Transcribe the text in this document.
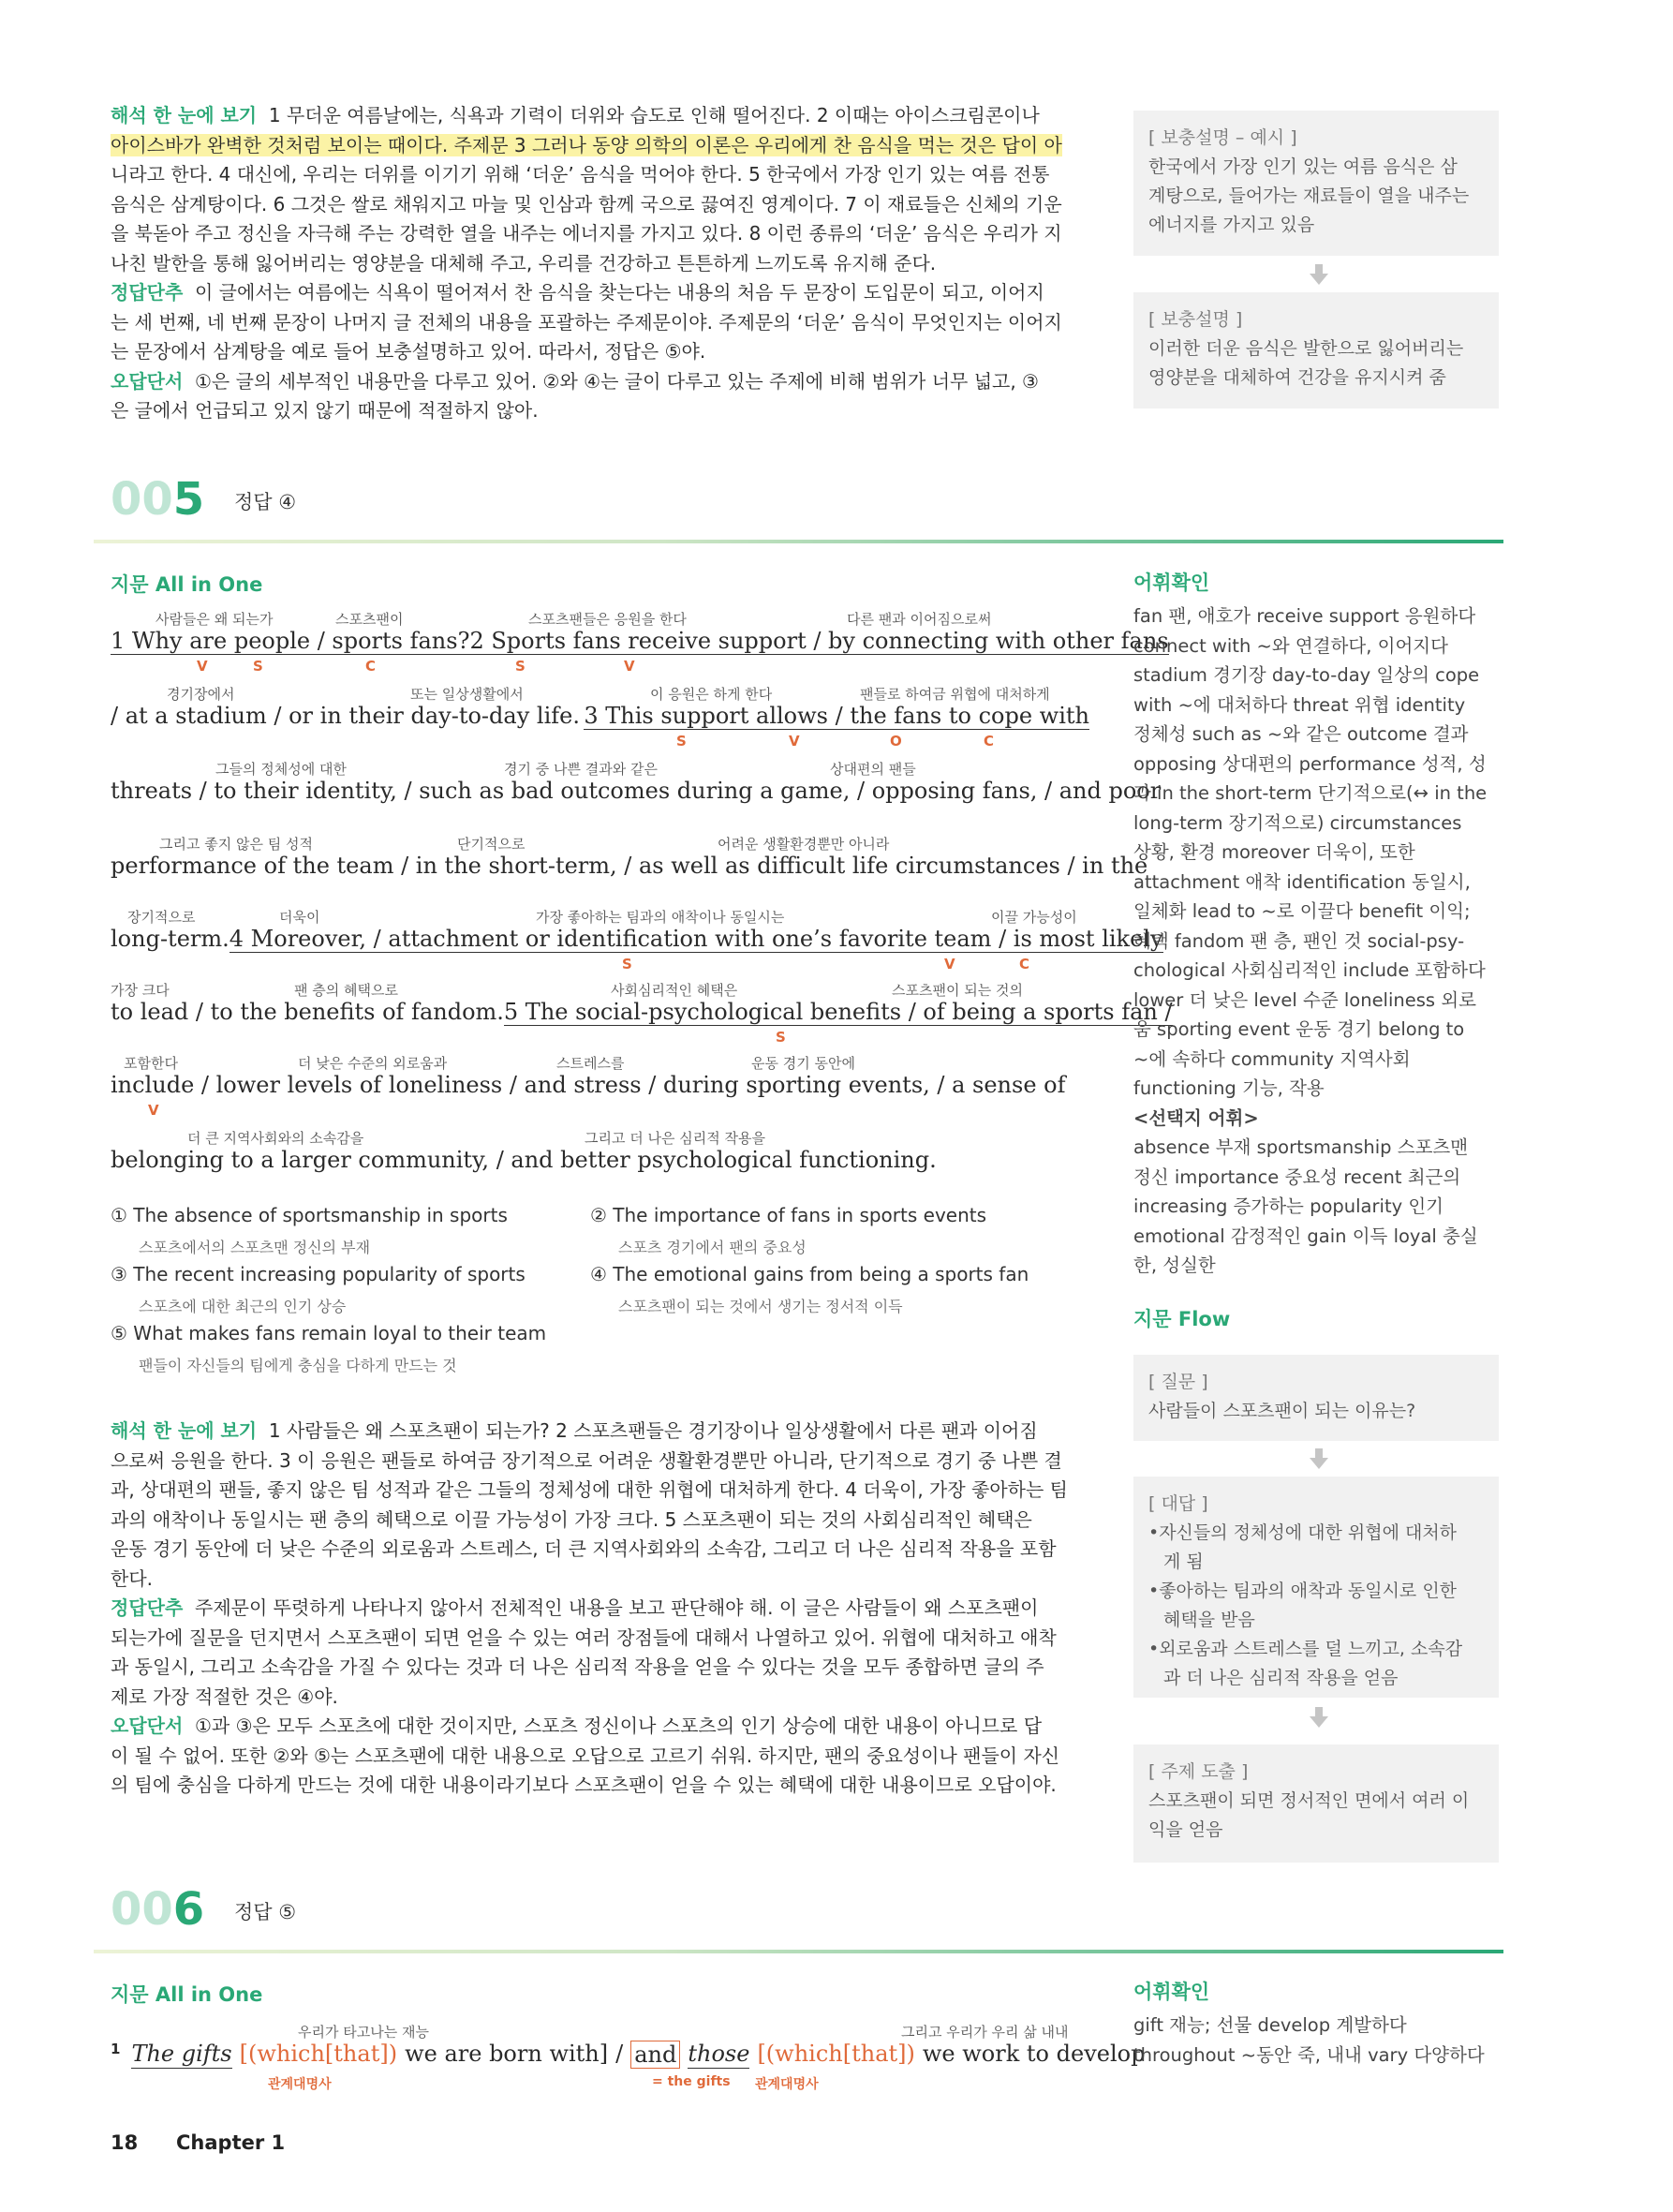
해석 한 눈에 보기 1 무더운 여름날에는, 식욕과 기력이 더위와 습도로 인해 떨어진다. 2 이때는 아이스크림콘이나

아이스바가 완벽한 것처럼 보이는 때이다. 주제문 3 그러나 동양 의학의 이론은 우리에게 찬 음식을 먹는 것은 답이 아

니라고 한다. 4 대신에, 우리는 더위를 이기기 위해 ‘더운’ 음식을 먹어야 한다. 5 한국에서 가장 인기 있는 여름 전통

음식은 삼계탕이다. 6 그것은 쌀로 채워지고 마늘 및 인삼과 함께 국으로 끓여진 영계이다. 7 이 재료들은 신체의 기운

을 북돋아 주고 정신을 자극해 주는 강력한 열을 내주는 에너지를 가지고 있다. 8 이런 종류의 ‘더운’ 음식은 우리가 지

나친 발한을 통해 잃어버리는 영양분을 대체해 주고, 우리를 건강하고 튼튼하게 느끼도록 유지해 준다.

정답단추 이 글에서는 여름에는 식욕이 떨어져서 찬 음식을 찾는다는 내용의 처음 두 문장이 도입문이 되고, 이어지

는 세 번째, 네 번째 문장이 나머지 글 전체의 내용을 포괄하는 주제문이야. 주제문의 ‘더운’ 음식이 무엇인지는 이어지

는 문장에서 삼계탕을 예로 들어 보충설명하고 있어. 따라서, 정답은 ⑤야.

오답단서 ①은 글의 세부적인 내용만을 다루고 있어. ②와 ④는 글이 다루고 있는 주제에 비해 범위가 너무 넓고, ③

은 글에서 언급되고 있지 않기 때문에 적절하지 않아.

[ 보충설명 – 예시 ]
한국에서 가장 인기 있는 여름 음식은 삼
계탕으로, 들어가는 재료들이 열을 내주는
에너지를 가지고 있음
[ 보충설명 ]
이러한 더운 음식은 발한으로 잃어버리는
영양분을 대체하여 건강을 유지시켜 줌
005 정답 ④
지문 All in One	어휘확인
사람들은 왜 되는가	스포츠팬이	스포츠팬들은 응원을 한다	다른 팬과 이어짐으로써
1 Why are people / sports fans? 2 Sports fans receive support / by connecting with other fans
V	S	C	S	V
경기장에서	또는 일상생활에서	이 응원은 하게 한다	팬들로 하여금 위협에 대처하게
/ at a stadium / or in their day-to-day life. 3 This support allows / the fans to cope with
S	V	O	C
그들의 정체성에 대한	경기 중 나쁜 결과와 같은	상대편의 팬들
threats / to their identity, / such as bad outcomes during a game, / opposing fans, / and poor
그리고 좋지 않은 팀 성적	단기적으로	어려운 생활환경뿐만 아니라
performance of the team / in the short-term, / as well as difficult life circumstances / in the
장기적으로	더욱이	가장 좋아하는 팀과의 애착이나 동일시는	이끌 가능성이
long-term. 4 Moreover, / attachment or identification with one’s favorite team / is most likely
S	V	C
가장 크다	팬 층의 혜택으로	사회심리적인 혜택은	스포츠팬이 되는 것의
to lead / to the benefits of fandom. 5 The social-psychological benefits / of being a sports fan /
S
포함한다	더 낮은 수준의 외로움과	스트레스를	운동 경기 동안에
include / lower levels of loneliness / and stress / during sporting events, / a sense of
V
더 큰 지역사회와의 소속감을	그리고 더 나은 심리적 작용을
belonging to a larger community, / and better psychological functioning.
① The absence of sportsmanship in sports
스포츠에서의 스포츠맨 정신의 부재
② The importance of fans in sports events
스포츠 경기에서 팬의 중요성
③ The recent increasing popularity of sports
스포츠에 대한 최근의 인기 상승
④ The emotional gains from being a sports fan
스포츠팬이 되는 것에서 생기는 정서적 이득
⑤ What makes fans remain loyal to their team
팬들이 자신들의 팀에게 충심을 다하게 만드는 것

해석 한 눈에 보기 1 사람들은 왜 스포츠팬이 되는가? 2 스포츠팬들은 경기장이나 일상생활에서 다른 팬과 이어짐

으로써 응원을 한다. 3 이 응원은 팬들로 하여금 장기적으로 어려운 생활환경뿐만 아니라, 단기적으로 경기 중 나쁜 결

과, 상대편의 팬들, 좋지 않은 팀 성적과 같은 그들의 정체성에 대한 위협에 대처하게 한다. 4 더욱이, 가장 좋아하는 팀

과의 애착이나 동일시는 팬 층의 혜택으로 이끌 가능성이 가장 크다. 5 스포츠팬이 되는 것의 사회심리적인 혜택은

운동 경기 동안에 더 낮은 수준의 외로움과 스트레스, 더 큰 지역사회와의 소속감, 그리고 더 나은 심리적 작용을 포함

한다.

정답단추 주제문이 뚜렷하게 나타나지 않아서 전체적인 내용을 보고 판단해야 해. 이 글은 사람들이 왜 스포츠팬이

되는가에 질문을 던지면서 스포츠팬이 되면 얻을 수 있는 여러 장점들에 대해서 나열하고 있어. 위협에 대처하고 애착

과 동일시, 그리고 소속감을 가질 수 있다는 것과 더 나은 심리적 작용을 얻을 수 있다는 것을 모두 종합하면 글의 주

제로 가장 적절한 것은 ④야.

오답단서 ①과 ③은 모두 스포츠에 대한 것이지만, 스포츠 정신이나 스포츠의 인기 상승에 대한 내용이 아니므로 답

이 될 수 없어. 또한 ②와 ⑤는 스포츠팬에 대한 내용으로 오답으로 고르기 쉬워. 하지만, 팬의 중요성이나 팬들이 자신

의 팀에 충심을 다하게 만드는 것에 대한 내용이라기보다 스포츠팬이 얻을 수 있는 혜택에 대한 내용이므로 오답이야.

fan 팬, 애호가 receive support 응원하다
connect with ~와 연결하다, 이어지다
stadium 경기장 day-to-day 일상의 cope
with ~에 대처하다 threat 위협 identity
정체성 such as ~와 같은 outcome 결과
opposing 상대편의 performance 성적, 성
과 in the short-term 단기적으로(↔ in the
long-term 장기적으로) circumstances
상황, 환경 moreover 더욱이, 또한
attachment 애착 identification 동일시,
일체화 lead to ~로 이끌다 benefit 이익;
혜택 fandom 팬 층, 팬인 것 social-psy-
chological 사회심리적인 include 포함하다
lower 더 낮은 level 수준 loneliness 외로
움 sporting event 운동 경기 belong to
~에 속하다 community 지역사회
functioning 기능, 작용
<선택지 어휘>
absence 부재 sportsmanship 스포츠맨
정신 importance 중요성 recent 최근의
increasing 증가하는 popularity 인기
emotional 감정적인 gain 이득 loyal 충실
한, 성실한
지문 Flow
[ 질문 ]
사람들이 스포츠팬이 되는 이유는?
[ 대답 ]
•자신들의 정체성에 대한 위협에 대처하
게 됨
•좋아하는 팀과의 애착과 동일시로 인한
혜택을 받음
•외로움과 스트레스를 덜 느끼고, 소속감
과 더 나은 심리적 작용을 얻음
[ 주제 도출 ]
스포츠팬이 되면 정서적인 면에서 여러 이
익을 얻음
006 정답 ⑤
지문 All in One	어휘확인
우리가 타고나는 재능	그리고 우리가 우리 삶 내내
1 The gifts [(which[that]) we are born with] / and those [(which[that]) we work to develop
관계대명사	= the gifts 관계대명사
gift 재능; 선물 develop 계발하다
throughout ~동안 죽, 내내 vary 다양하다
18 Chapter 1
